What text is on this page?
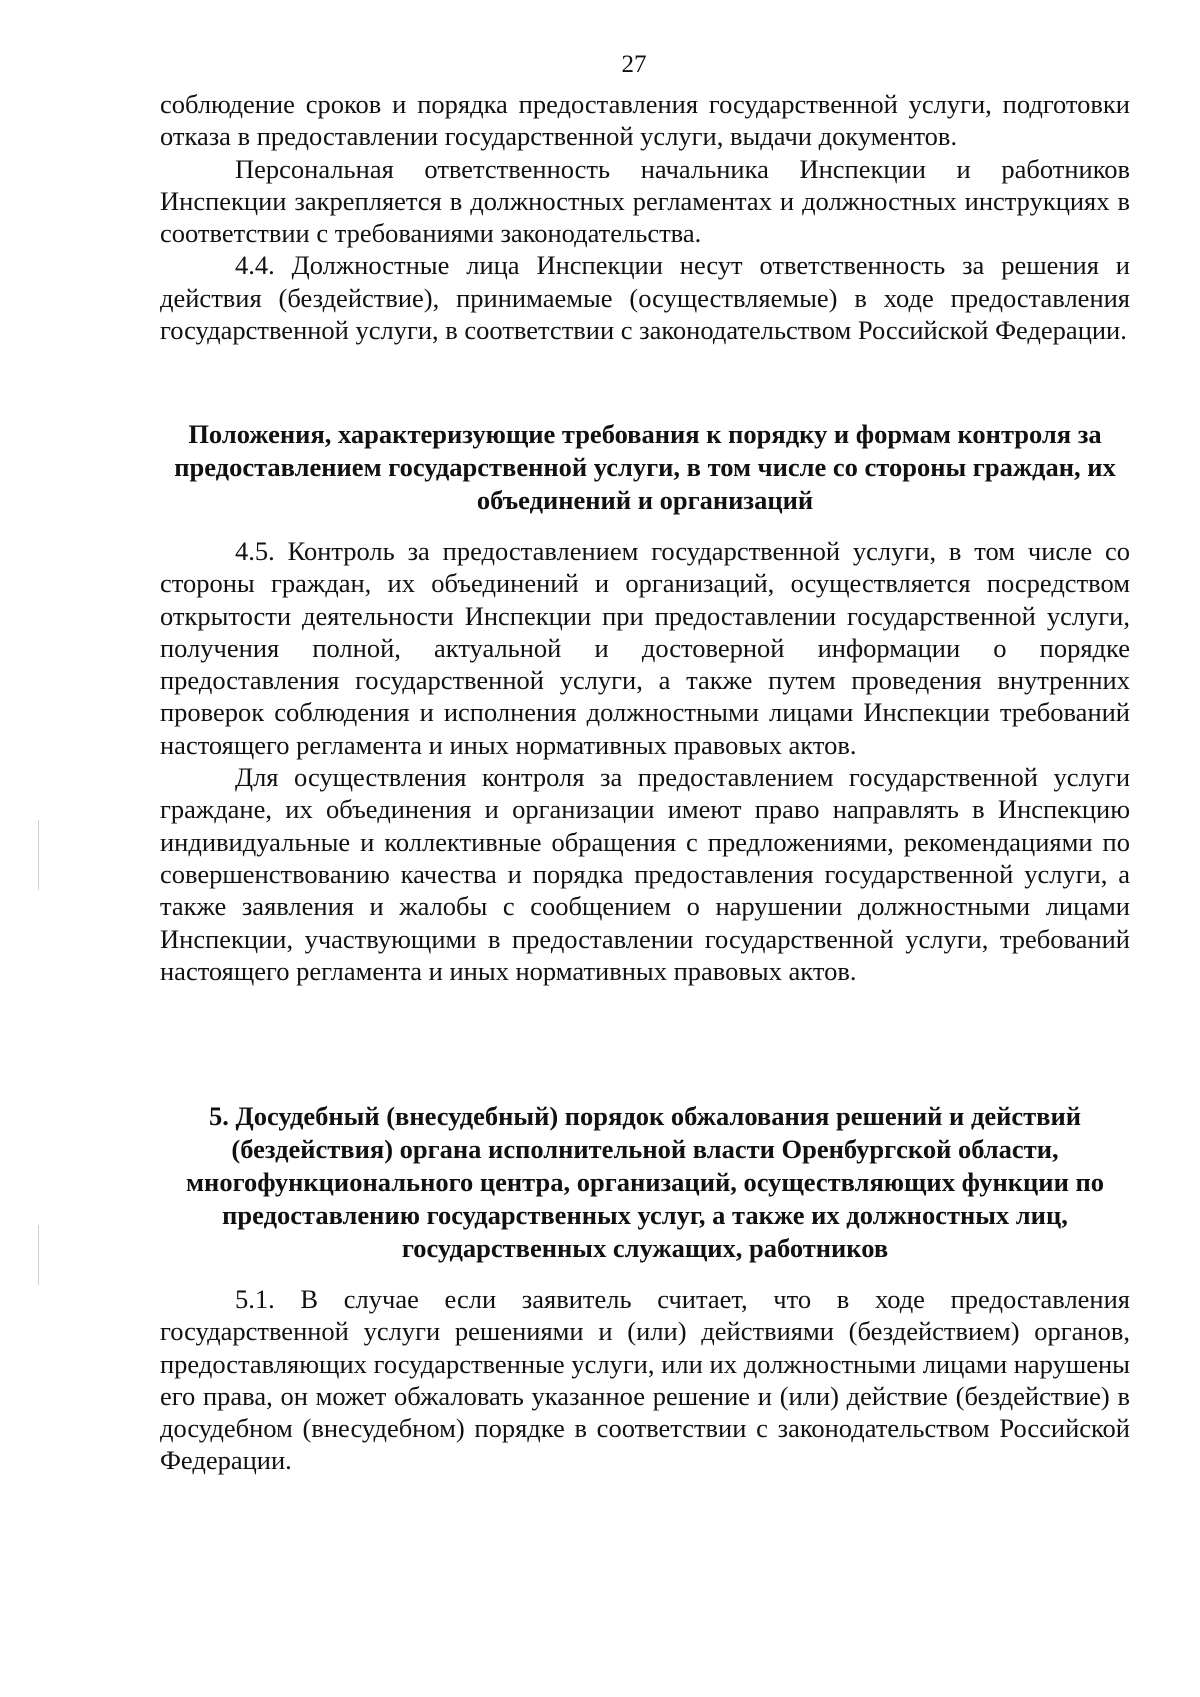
27

соблюдение сроков и порядка предоставления государственной услуги, подготовки отказа в предоставлении государственной услуги, выдачи документов.

Персональная ответственность начальника Инспекции и работников Инспекции закрепляется в должностных регламентах и должностных инструкциях в соответствии с требованиями законодательства.

4.4. Должностные лица Инспекции несут ответственность за решения и действия (бездействие), принимаемые (осуществляемые) в ходе предоставления государственной услуги, в соответствии с законодательством Российской Федерации.

Положения, характеризующие требования к порядку и формам контроля за предоставлением государственной услуги, в том числе со стороны граждан, их объединений и организаций

4.5. Контроль за предоставлением государственной услуги, в том числе со стороны граждан, их объединений и организаций, осуществляется посредством открытости деятельности Инспекции при предоставлении государственной услуги, получения полной, актуальной и достоверной информации о порядке предоставления государственной услуги, а также путем проведения внутренних проверок соблюдения и исполнения должностными лицами Инспекции требований настоящего регламента и иных нормативных правовых актов.

Для осуществления контроля за предоставлением государственной услуги граждане, их объединения и организации имеют право направлять в Инспекцию индивидуальные и коллективные обращения с предложениями, рекомендациями по совершенствованию качества и порядка предоставления государственной услуги, а также заявления и жалобы с сообщением о нарушении должностными лицами Инспекции, участвующими в предоставлении государственной услуги, требований настоящего регламента и иных нормативных правовых актов.

5. Досудебный (внесудебный) порядок обжалования решений и действий (бездействия) органа исполнительной власти Оренбургской области, многофункционального центра, организаций, осуществляющих функции по предоставлению государственных услуг, а также их должностных лиц, государственных служащих, работников

5.1. В случае если заявитель считает, что в ходе предоставления государственной услуги решениями и (или) действиями (бездействием) органов, предоставляющих государственные услуги, или их должностными лицами нарушены его права, он может обжаловать указанное решение и (или) действие (бездействие) в досудебном (внесудебном) порядке в соответствии с законодательством Российской Федерации.
